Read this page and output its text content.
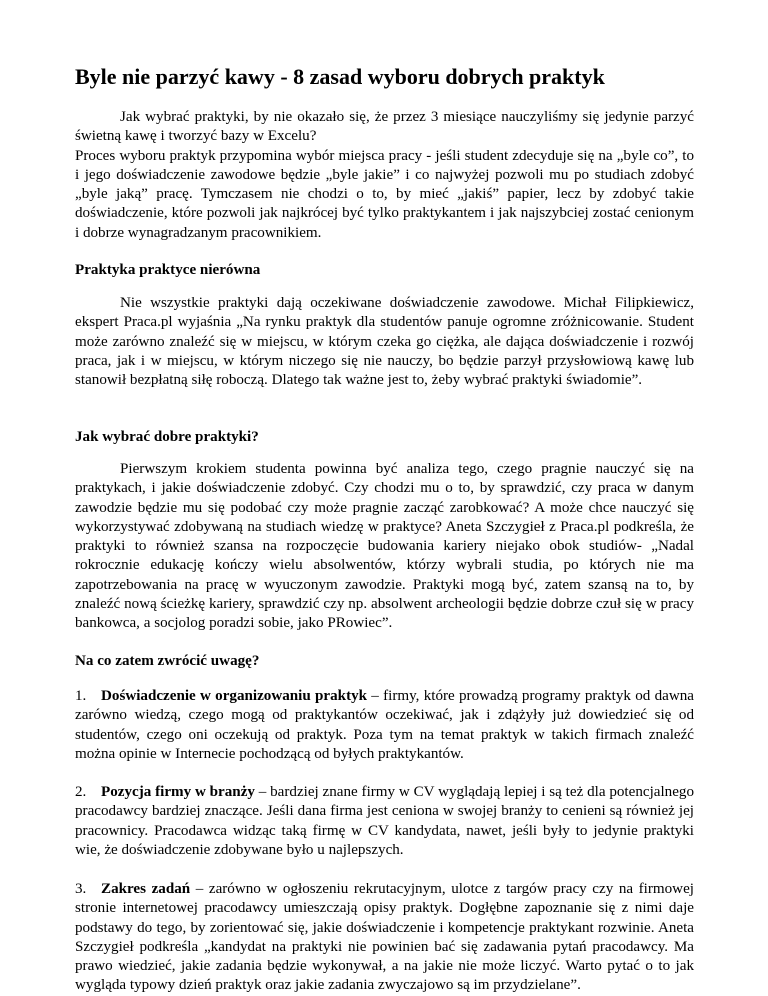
Byle nie parzyć kawy - 8 zasad wyboru dobrych praktyk
Jak wybrać praktyki, by nie okazało się, że przez 3 miesiące nauczyliśmy się jedynie parzyć świetną kawę i tworzyć bazy w Excelu?
Proces wyboru praktyk przypomina wybór miejsca pracy - jeśli student zdecyduje się na „byle co”, to i jego doświadczenie zawodowe będzie „byle jakie” i co najwyżej pozwoli mu po studiach zdobyć „byle jaką” pracę. Tymczasem nie chodzi o to, by mieć „jakiś” papier, lecz by zdobyć takie doświadczenie, które pozwoli jak najkrócej być tylko praktykantem i jak najszybciej zostać cenionym i dobrze wynagradzanym pracownikiem.
Praktyka praktyce nierówna
Nie wszystkie praktyki dają oczekiwane doświadczenie zawodowe. Michał Filipkiewicz, ekspert Praca.pl wyjaśnia „Na rynku praktyk dla studentów panuje ogromne zróżnicowanie. Student może zarówno znaleźć się w miejscu, w którym czeka go ciężka, ale dająca doświadczenie i rozwój praca, jak i w miejscu, w którym niczego się nie nauczy, bo będzie parzył przysłowiową kawę lub stanowił bezpłatną siłę roboczą. Dlatego tak ważne jest to, żeby wybrać praktyki świadomie”.
Jak wybrać dobre praktyki?
Pierwszym krokiem studenta powinna być analiza tego, czego pragnie nauczyć się na praktykach, i jakie doświadczenie zdobyć. Czy chodzi mu o to, by sprawdzić, czy praca w danym zawodzie będzie mu się podobać czy może pragnie zacząć zarobkować? A może chce nauczyć się wykorzystywać zdobywaną na studiach wiedzę w praktyce? Aneta Szczygieł z Praca.pl podkreśla, że praktyki to również szansa na rozpoczęcie budowania kariery niejako obok studiów- „Nadal rokrocznie edukację kończy wielu absolwentów, którzy wybrali studia, po których nie ma zapotrzebowania na pracę w wyuczonym zawodzie. Praktyki mogą być, zatem szansą na to, by znaleźć nową ścieżkę kariery, sprawdzić czy np. absolwent archeologii będzie dobrze czuł się w pracy bankowca, a socjolog poradzi sobie, jako PRowiec”.
Na co zatem zwrócić uwagę?
1. Doświadczenie w organizowaniu praktyk – firmy, które prowadzą programy praktyk od dawna zarówno wiedzą, czego mogą od praktykantów oczekiwać, jak i zdążyły już dowiedzieć się od studentów, czego oni oczekują od praktyk. Poza tym na temat praktyk w takich firmach znaleźć można opinie w Internecie pochodzącą od byłych praktykantów.
2. Pozycja firmy w branży – bardziej znane firmy w CV wyglądają lepiej i są też dla potencjalnego pracodawcy bardziej znaczące. Jeśli dana firma jest ceniona w swojej branży to cenieni są również jej pracownicy. Pracodawca widząc taką firmę w CV kandydata, nawet, jeśli były to jedynie praktyki wie, że doświadczenie zdobywane było u najlepszych.
3. Zakres zadań – zarówno w ogłoszeniu rekrutacyjnym, ulotce z targów pracy czy na firmowej stronie internetowej pracodawcy umieszczają opisy praktyk. Dogłębne zapoznanie się z nimi daje podstawy do tego, by zorientować się, jakie doświadczenie i kompetencje praktykant rozwinie. Aneta Szczygieł podkreśla „kandydat na praktyki nie powinien bać się zadawania pytań pracodawcy. Ma prawo wiedzieć, jakie zadania będzie wykonywał, a na jakie nie może liczyć. Warto pytać o to jak wygląda typowy dzień praktyk oraz jakie zadania zwyczajowo są im przydzielane”.
